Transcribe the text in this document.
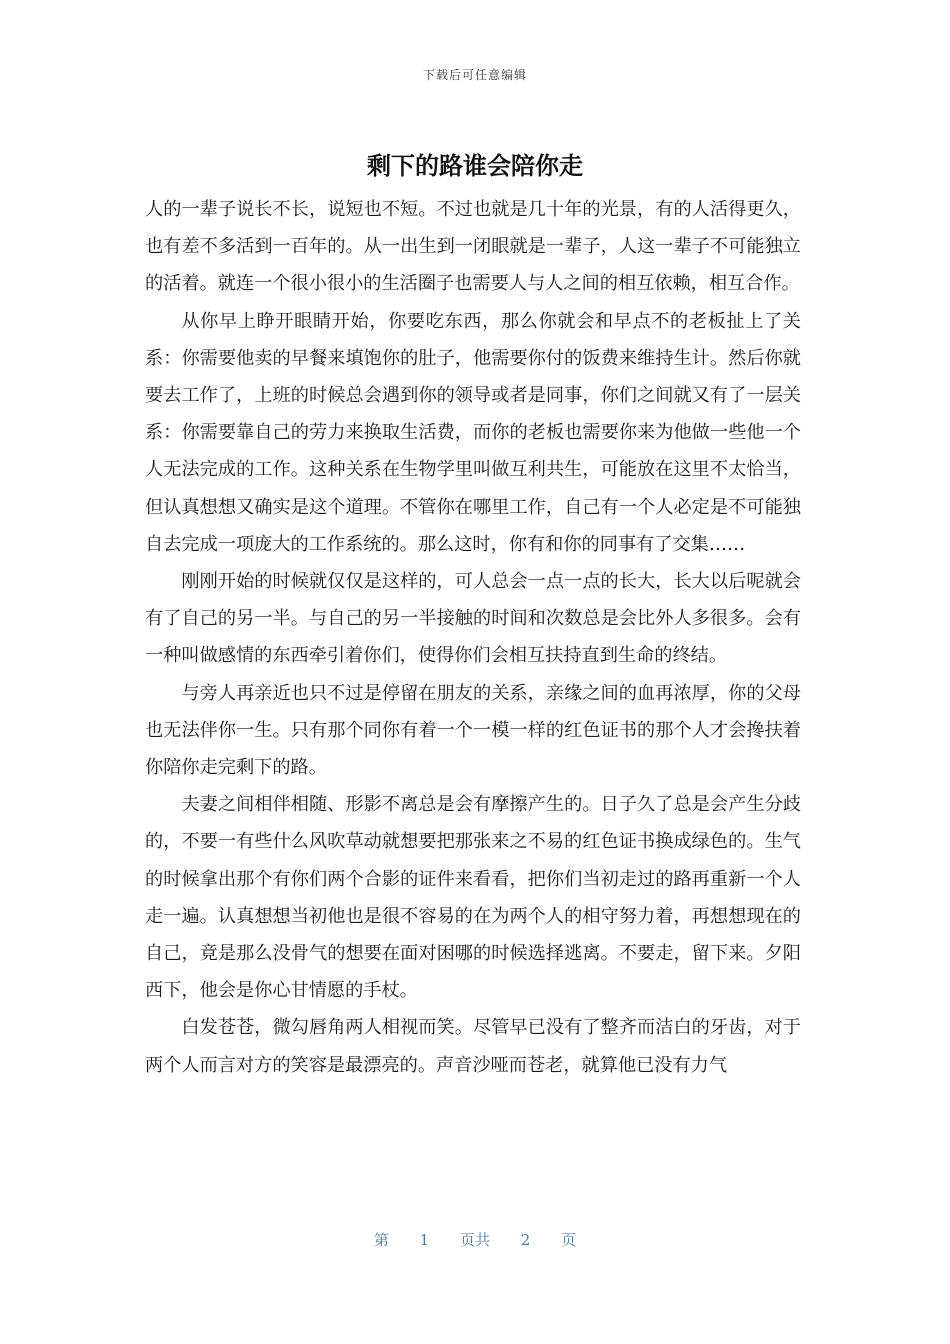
下载后可任意编辑
剩下的路谁会陪你走

人的一辈子说长不长，说短也不短。不过也就是几十年的光景，有的人活得更久，也有差不多活到一百年的。从一出生到一闭眼就是一辈子，人这一辈子不可能独立的活着。就连一个很小很小的生活圈子也需要人与人之间的相互依赖，相互合作。

从你早上睁开眼睛开始，你要吃东西，那么你就会和早点不的老板扯上了关系：你需要他卖的早餐来填饱你的肚子，他需要你付的饭费来维持生计。然后你就要去工作了，上班的时候总会遇到你的领导或者是同事，你们之间就又有了一层关系：你需要靠自己的劳力来换取生活费，而你的老板也需要你来为他做一些他一个人无法完成的工作。这种关系在生物学里叫做互利共生，可能放在这里不太恰当，但认真想想又确实是这个道理。不管你在哪里工作，自己有一个人必定是不可能独自去完成一项庞大的工作系统的。那么这时，你有和你的同事有了交集……

刚刚开始的时候就仅仅是这样的，可人总会一点一点的长大，长大以后呢就会有了自己的另一半。与自己的另一半接触的时间和次数总是会比外人多很多。会有一种叫做感情的东西牵引着你们，使得你们会相互扶持直到生命的终结。

与旁人再亲近也只不过是停留在朋友的关系，亲缘之间的血再浓厚，你的父母也无法伴你一生。只有那个同你有着一个一模一样的红色证书的那个人才会搀扶着你陪你走完剩下的路。

夫妻之间相伴相随、形影不离总是会有摩擦产生的。日子久了总是会产生分歧的，不要一有些什么风吹草动就想要把那张来之不易的红色证书换成绿色的。生气的时候拿出那个有你们两个合影的证件来看看，把你们当初走过的路再重新一个人走一遍。认真想想当初他也是很不容易的在为两个人的相守努力着，再想想现在的自己，竟是那么没骨气的想要在面对困哪的时候选择逃离。不要走，留下来。夕阳西下，他会是你心甘情愿的手杖。

白发苍苍，微勾唇角两人相视而笑。尽管早已没有了整齐而洁白的牙齿，对于两个人而言对方的笑容是最漂亮的。声音沙哑而苍老，就算他已没有力气

第 1 页共 2 页
